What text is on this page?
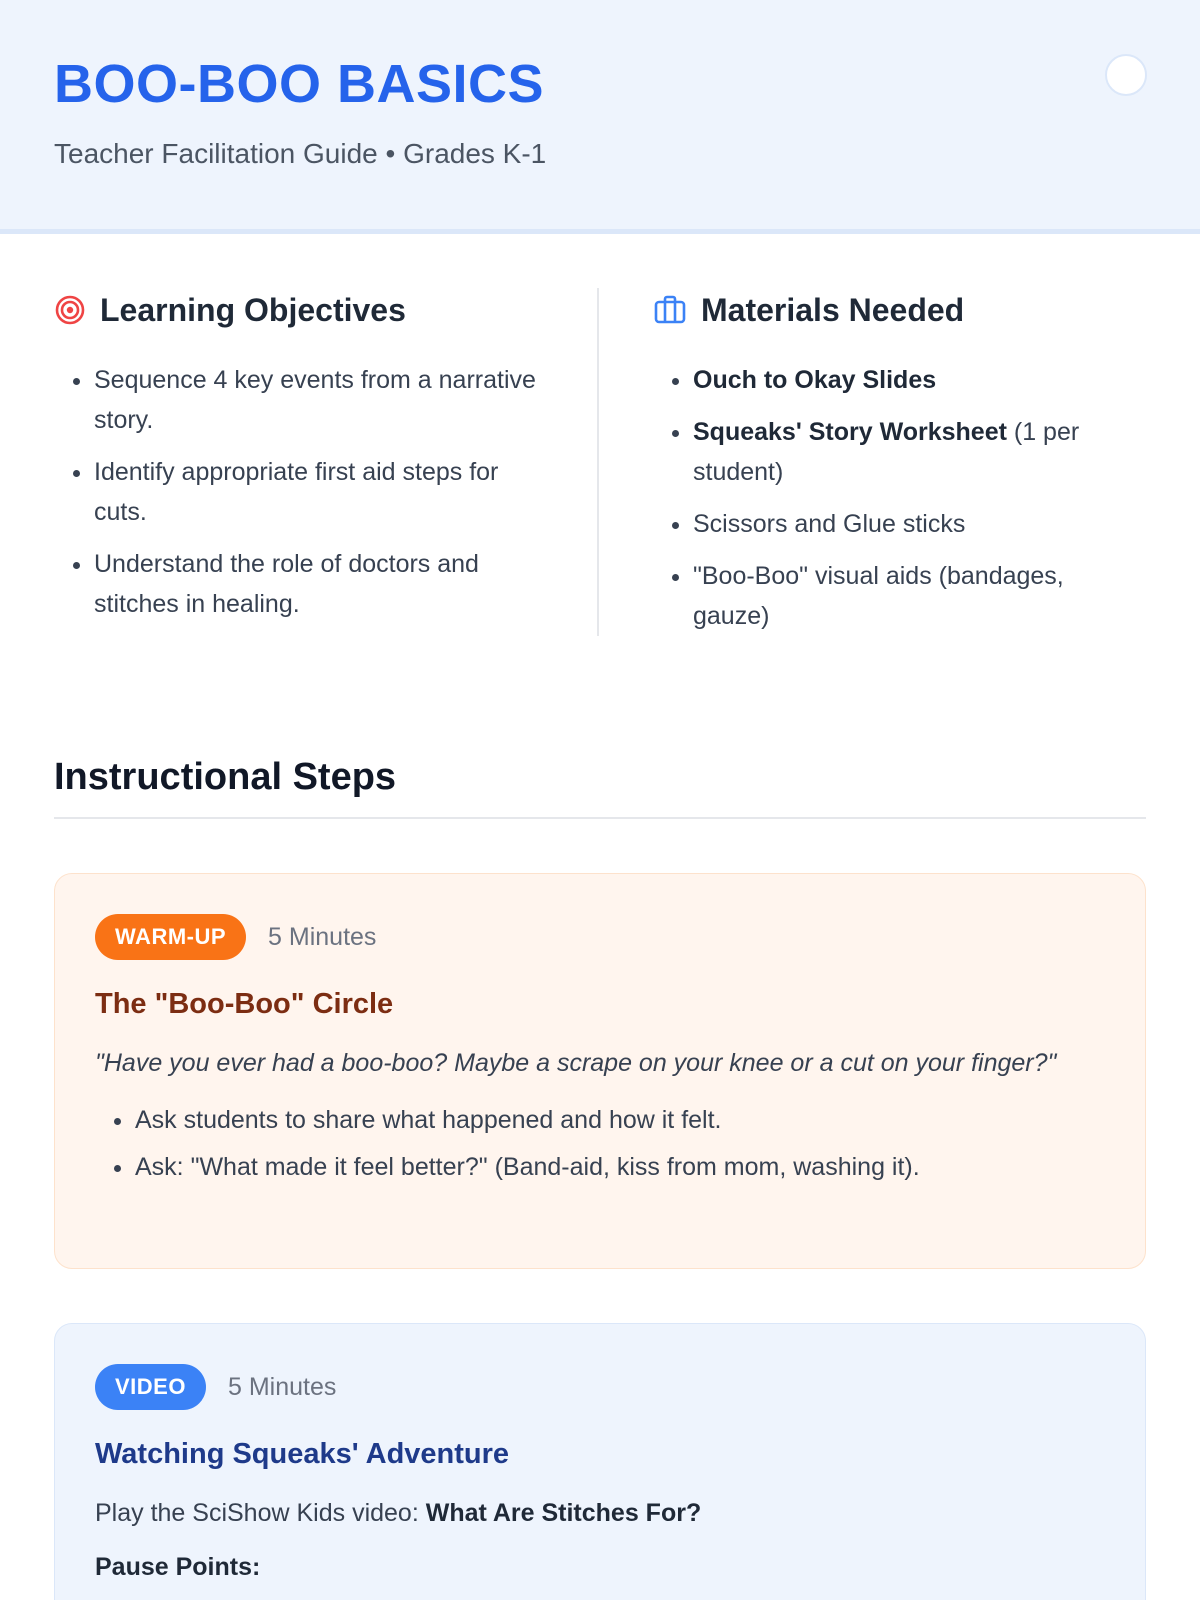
BOO-BOO BASICS
Teacher Facilitation Guide • Grades K-1
Learning Objectives
• Sequence 4 key events from a narrative story.
• Identify appropriate first aid steps for cuts.
• Understand the role of doctors and stitches in healing.
Materials Needed
• Ouch to Okay Slides
• Squeaks' Story Worksheet (1 per student)
• Scissors and Glue sticks
• "Boo-Boo" visual aids (bandages, gauze)
Instructional Steps
WARM-UP	5 Minutes
The "Boo-Boo" Circle

"Have you ever had a boo-boo? Maybe a scrape on your knee or a cut on your finger?"

• Ask students to share what happened and how it felt.
• Ask: "What made it feel better?" (Band-aid, kiss from mom, washing it).
VIDEO	5 Minutes
Watching Squeaks' Adventure

Play the SciShow Kids video: What Are Stitches For?

Pause Points:
